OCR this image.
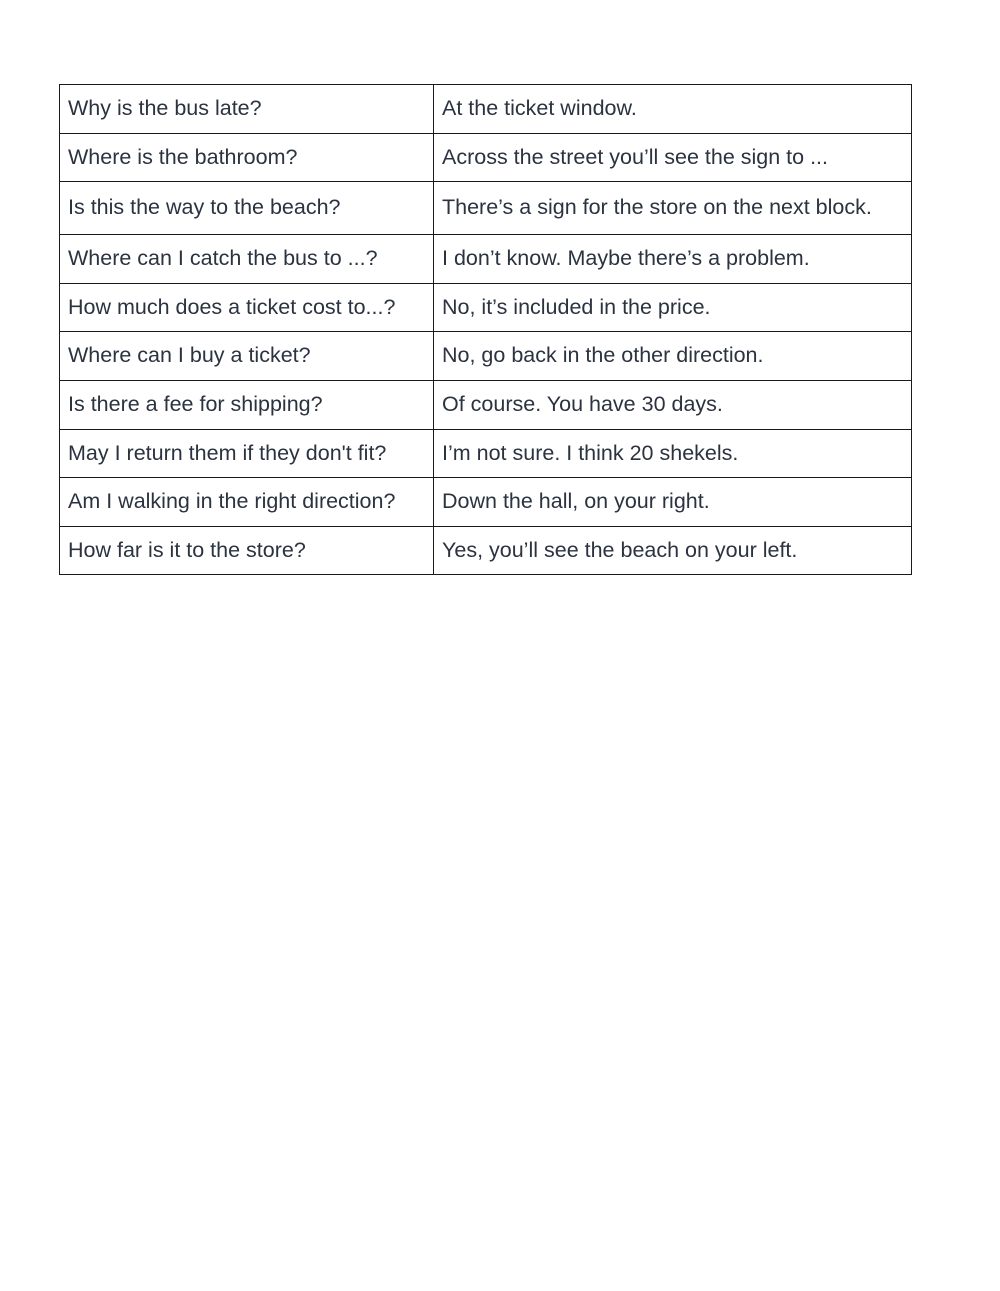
Why is the bus late?	At the ticket window.
Where is the bathroom?	Across the street you’ll see the sign to ...
Is this the way to the beach?	There’s a sign for the store on the next block.
Where can I catch the bus to ...?	I don’t know. Maybe there’s a problem.
How much does a ticket cost to...?	No, it’s included in the price.
Where can I buy a ticket?	No, go back in the other direction.
Is there a fee for shipping?	Of course. You have 30 days.
May I return them if they don't fit?	I’m not sure. I think 20 shekels.
Am I walking in the right direction?	Down the hall, on your right.
How far is it to the store?	Yes, you’ll see the beach on your left.
